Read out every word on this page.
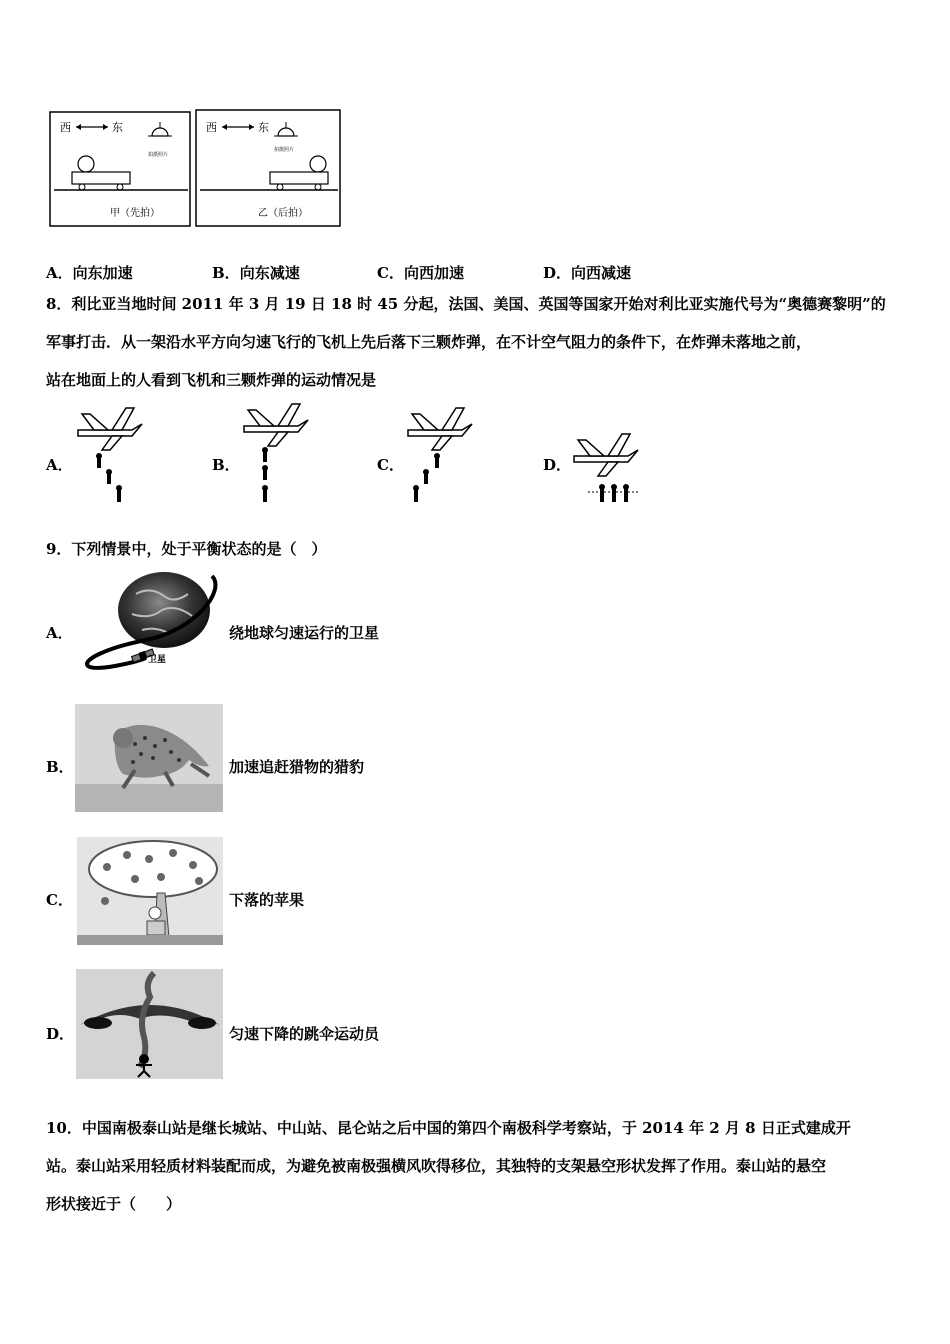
西	东
拍摄照片
甲（先拍）
西	东
拍摄照片
乙（后拍）
A．向东加速	B．向东减速	C．向西加速	D．向西减速
8．利比亚当地时间 2011 年 3 月 19 日 18 时 45 分起，法国、美国、英国等国家开始对利比亚实施代号为“奥德赛黎明”的
军事打击．从一架沿水平方向匀速飞行的飞机上先后落下三颗炸弹，在不计空气阻力的条件下，在炸弹未落地之前，
站在地面上的人看到飞机和三颗炸弹的运动情况是
A．	B．	C．	D．
9．下列情景中，处于平衡状态的是（　）
A．
卫星
绕地球匀速运行的卫星
B．	加速追赶猎物的猎豹
C．	下落的苹果
D．	匀速下降的跳伞运动员
10．中国南极泰山站是继长城站、中山站、昆仑站之后中国的第四个南极科学考察站，于 2014 年 2 月 8 日正式建成开
站。泰山站采用轻质材料装配而成，为避免被南极强横风吹得移位，其独特的支架悬空形状发挥了作用。泰山站的悬空
形状接近于（　　）
